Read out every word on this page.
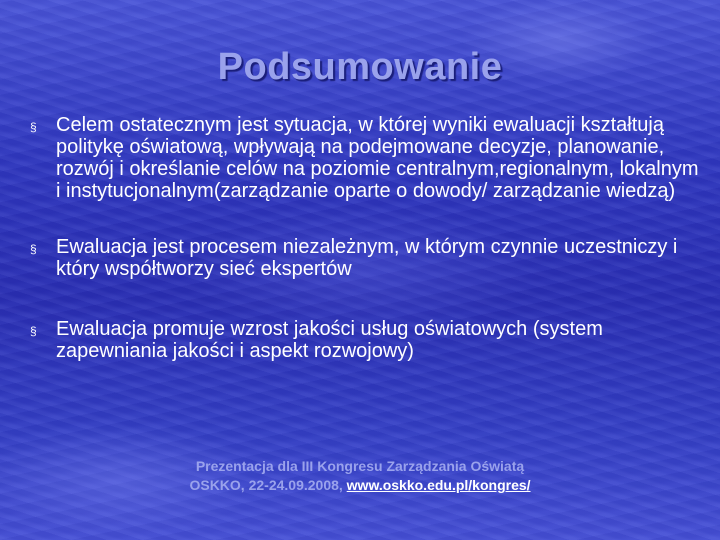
Podsumowanie
§ Celem ostatecznym jest sytuacja, w której wyniki ewaluacji kształtują politykę oświatową, wpływają na podejmowane decyzje, planowanie, rozwój i określanie celów na poziomie centralnym,regionalnym, lokalnym i instytucjonalnym(zarządzanie oparte o dowody/ zarządzanie wiedzą)
§ Ewaluacja jest procesem niezależnym, w którym czynnie uczestniczy i który współtworzy sieć ekspertów
§ Ewaluacja promuje wzrost jakości usług oświatowych (system zapewniania jakości i aspekt rozwojowy)
Prezentacja dla III Kongresu Zarządzania Oświatą
OSKKO, 22-24.09.2008, www.oskko.edu.pl/kongres/
